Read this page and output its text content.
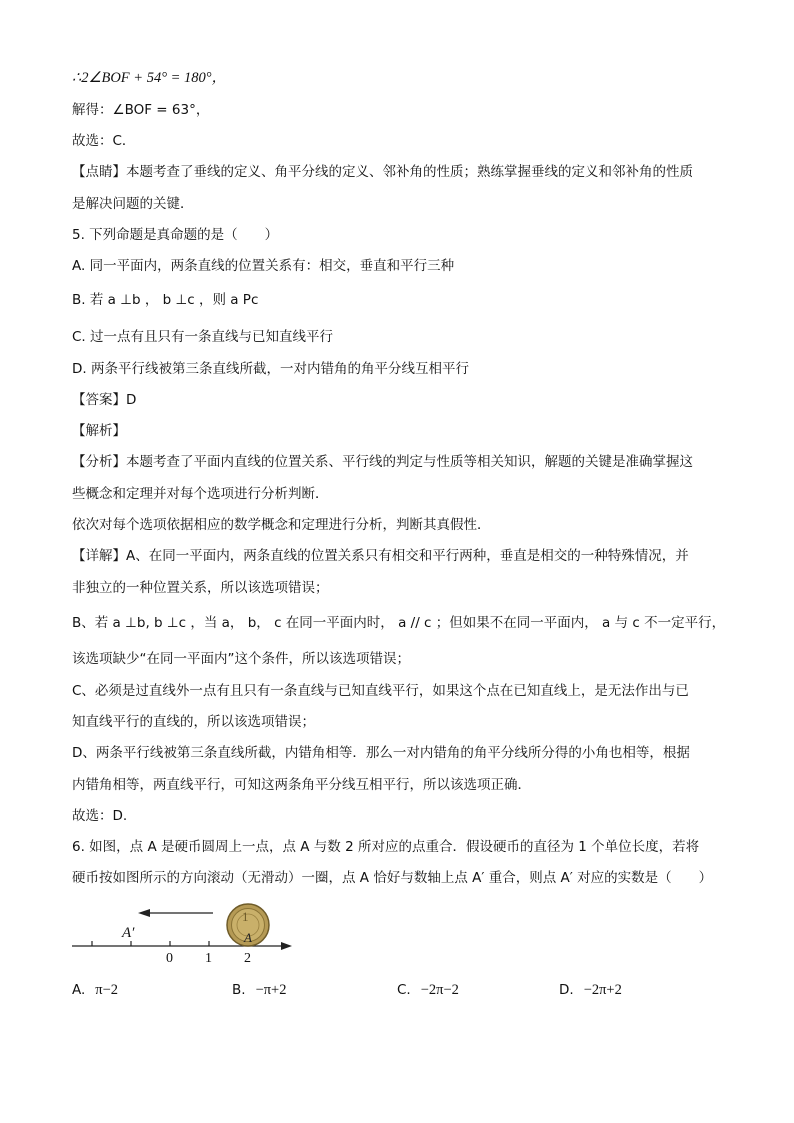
∴2∠BOF + 54° = 180°，
解得：∠BOF = 63°，
故选：C．
【点睛】本题考查了垂线的定义、角平分线的定义、邻补角的性质；熟练掌握垂线的定义和邻补角的性质
是解决问题的关键．
5. 下列命题是真命题的是（　　）
A. 同一平面内，两条直线的位置关系有：相交，垂直和平行三种
B. 若 a ⊥b ， b ⊥c ，则 a Pc
C. 过一点有且只有一条直线与已知直线平行
D. 两条平行线被第三条直线所截，一对内错角的角平分线互相平行
【答案】D
【解析】
【分析】本题考查了平面内直线的位置关系、平行线的判定与性质等相关知识，解题的关键是准确掌握这
些概念和定理并对每个选项进行分析判断．
依次对每个选项依据相应的数学概念和定理进行分析，判断其真假性．
【详解】A、在同一平面内，两条直线的位置关系只有相交和平行两种，垂直是相交的一种特殊情况，并
非独立的一种位置关系，所以该选项错误；
B、若 a ⊥b, b ⊥c ，当 a， b， c 在同一平面内时， a // c ；但如果不在同一平面内， a 与 c 不一定平行，
该选项缺少“在同一平面内”这个条件，所以该选项错误；
C、必须是过直线外一点有且只有一条直线与已知直线平行，如果这个点在已知直线上，是无法作出与已
知直线平行的直线的，所以该选项错误；
D、两条平行线被第三条直线所截，内错角相等．那么一对内错角的角平分线所分得的小角也相等，根据
内错角相等，两直线平行，可知这两条角平分线互相平行，所以该选项正确．
故选：D.
6. 如图，点 A 是硬币圆周上一点，点 A 与数 2 所对应的点重合．假设硬币的直径为 1 个单位长度，若将
硬币按如图所示的方向滚动（无滑动）一圈，点 A 恰好与数轴上点 A′ 重合，则点 A′ 对应的实数是（　　）
1
A′	A
0 1 2
A. π−2	B. −π+2	C. −2π−2	D. −2π+2
